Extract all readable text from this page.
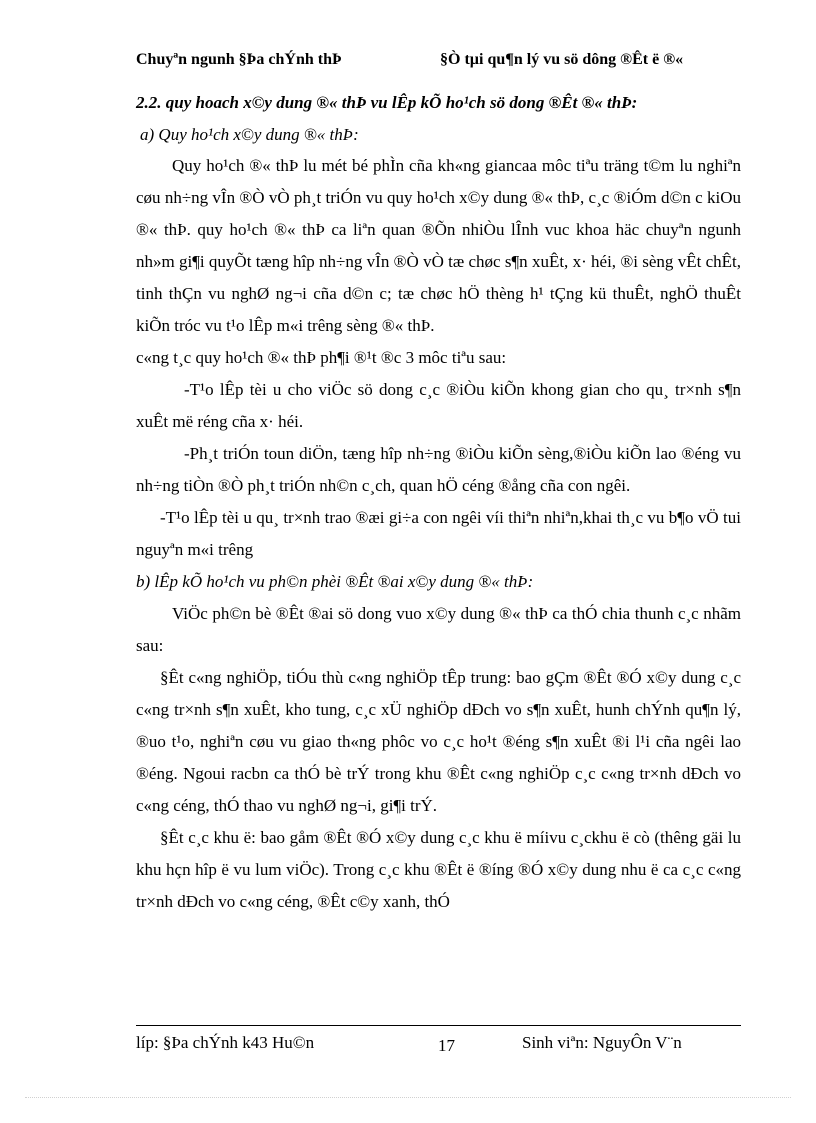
Chuyªn ngunh §Þa chÝnh thÞ	§Ò tµi qu¶n lý vu sö dông ®Êt ë ®«
2.2. quy hoach x©y dung ®« thÞ vu lÊp kÕ ho¹ch sö dong ®Êt ®« thÞ:
a) Quy ho¹ch x©y dung ®« thÞ:

Quy ho¹ch ®« thÞ lu mét bé phÌn cña kh«ng giancaa môc tiªu träng t©m lu nghiªn cøu nh÷ng vÎn ®Ò vÒ ph¸t triÓn vu quy ho¹ch x©y dung ®« thÞ, c¸c ®iÓm d©n c kiOu ®« thÞ. quy ho¹ch ®« thÞ ca liªn quan ®Õn nhiÒu lÎnh vuc khoa häc chuyªn ngunh nh»m gi¶i quyÕt tæng hîp nh÷ng vÎn ®Ò vÒ tæ chøc s¶n xuÊt, x· héi, ®i sèng vÊt chÊt, tinh thÇn vu nghØ ng¬i cña d©n c; tæ chøc hÖ thèng h¹ tÇng kü thuÊt, nghÖ thuÊt kiÕn tróc vu t¹o lÊp m«i trêng sèng ®« thÞ.

c«ng t¸c quy ho¹ch ®« thÞ ph¶i ®¹t ®c 3 môc tiªu sau:

-T¹o lÊp tèi u cho viÖc sö dong c¸c ®iÒu kiÕn khong gian cho qu¸ tr×nh s¶n xuÊt më réng cña x· héi.

-Ph¸t triÓn toun diÖn, tæng hîp nh÷ng ®iÒu kiÕn sèng,®iÒu kiÕn lao ®éng vu nh÷ng tiÒn ®Ò ph¸t triÓn nh©n c¸ch, quan hÖ céng ®ång cña con ngêi.

-T¹o lÊp tèi u qu¸ tr×nh trao ®æi gi÷a con ngêi víi thiªn nhiªn,khai th¸c vu b¶o vÖ tui nguyªn m«i trêng

b) lÊp kÕ ho¹ch vu ph©n phèi ®Êt ®ai x©y dung ®« thÞ:

ViÖc ph©n bè ®Êt ®ai sö dong vuo x©y dung ®« thÞ ca thÓ chia thunh c¸c nhãm sau:

§Êt c«ng nghiÖp, tiÓu thù c«ng nghiÖp tÊp trung: bao gÇm ®Êt ®Ó x©y dung c¸c c«ng tr×nh s¶n xuÊt, kho tung, c¸c xÜ nghiÖp dÐch vo s¶n xuÊt, hunh chÝnh qu¶n lý, ®uo t¹o, nghiªn cøu vu giao th«ng phôc vo c¸c ho¹t ®éng s¶n xuÊt ®i l¹i cña ngêi lao ®éng. Ngoui racbn ca thÓ bè trÝ trong khu ®Êt c«ng nghiÖp c¸c c«ng tr×nh dÐch vo c«ng céng, thÓ thao vu nghØ ng¬i, gi¶i trÝ.

§Êt c¸c khu ë: bao gåm ®Êt ®Ó x©y dung c¸c khu ë míivu c¸ckhu ë cò (thêng gäi lu khu hçn hîp ë vu lum viÖc). Trong c¸c khu ®Êt ë ®íng ®Ó x©y dung nhu ë ca c¸c c«ng tr×nh dÐch vo c«ng céng, ®Êt c©y xanh, thÓ

líp: §Þa chÝnh k43 Hu©n	17	Sinh viªn: NguyÔn V¨n
